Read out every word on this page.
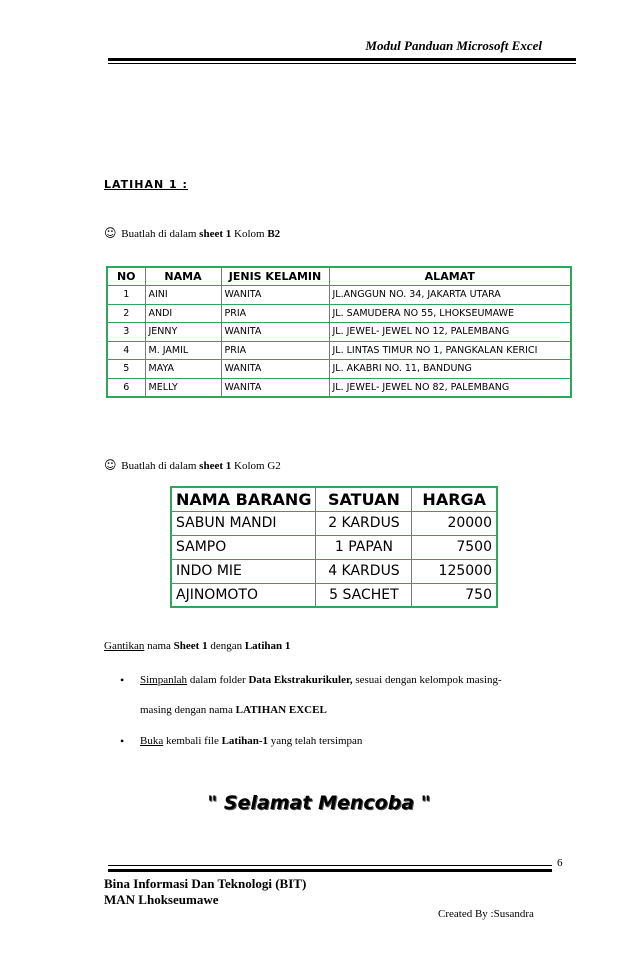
Modul Panduan Microsoft Excel
LATIHAN 1 :
☺ Buatlah di dalam sheet 1 Kolom B2
NO	NAMA	JENIS KELAMIN	ALAMAT
1	AINI	WANITA	JL.ANGGUN NO. 34, JAKARTA UTARA
2	ANDI	PRIA	JL. SAMUDERA NO 55, LHOKSEUMAWE
3	JENNY	WANITA	JL. JEWEL- JEWEL NO 12, PALEMBANG
4	M. JAMIL	PRIA	JL. LINTAS TIMUR NO 1, PANGKALAN KERICI
5	MAYA	WANITA	JL. AKABRI NO. 11, BANDUNG
6	MELLY	WANITA	JL. JEWEL- JEWEL NO 82, PALEMBANG
☺ Buatlah di dalam sheet 1 Kolom G2
NAMA BARANG	SATUAN	HARGA
SABUN MANDI	2 KARDUS	20000
SAMPO	1 PAPAN	7500
INDO MIE	4 KARDUS	125000
AJINOMOTO	5 SACHET	750
Gantikan nama Sheet 1 dengan Latihan 1
• Simpanlah dalam folder Data Ekstrakurikuler, sesuai dengan kelompok masing-
masing dengan nama LATIHAN EXCEL
• Buka kembali file Latihan-1 yang telah tersimpan
" Selamat Mencoba "
6
Bina Informasi Dan Teknologi (BIT)
MAN Lhokseumawe
Created By :Susandra
